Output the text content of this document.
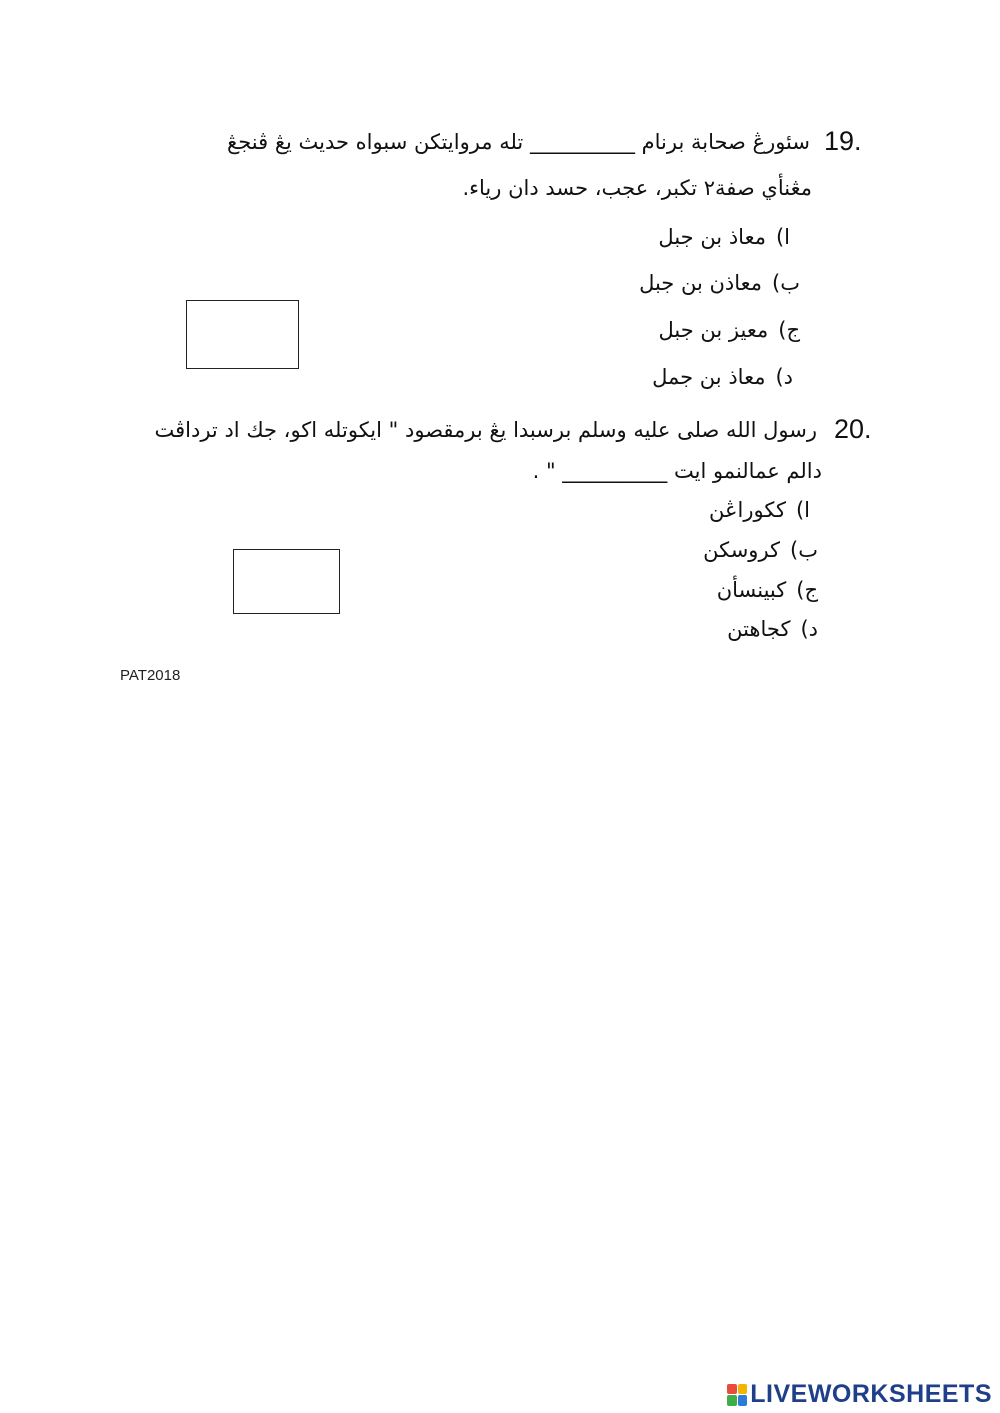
19.
سئورڠ صحابة برنام __________ تله مروايتکن سبواه حديث يڠ ڤنجڠ
مڠنأي صفة٢ تکبر، عجب، حسد دان رياء.
ا)معاذ بن جبل
ب)معاذن بن جبل
ج)معيز بن جبل
د)معاذ بن جمل
20.
رسول الله صلى عليه وسلم برسبدا يڠ برمقصود " ايکوتله اکو، جك اد ترداڤت
دالم عمالنمو ايت __________ " .
ا)ککوراڠن
ب)کروسکن
ج)کبينسأن
د)کجاهتن
PAT2018
LIVEWORKSHEETS
